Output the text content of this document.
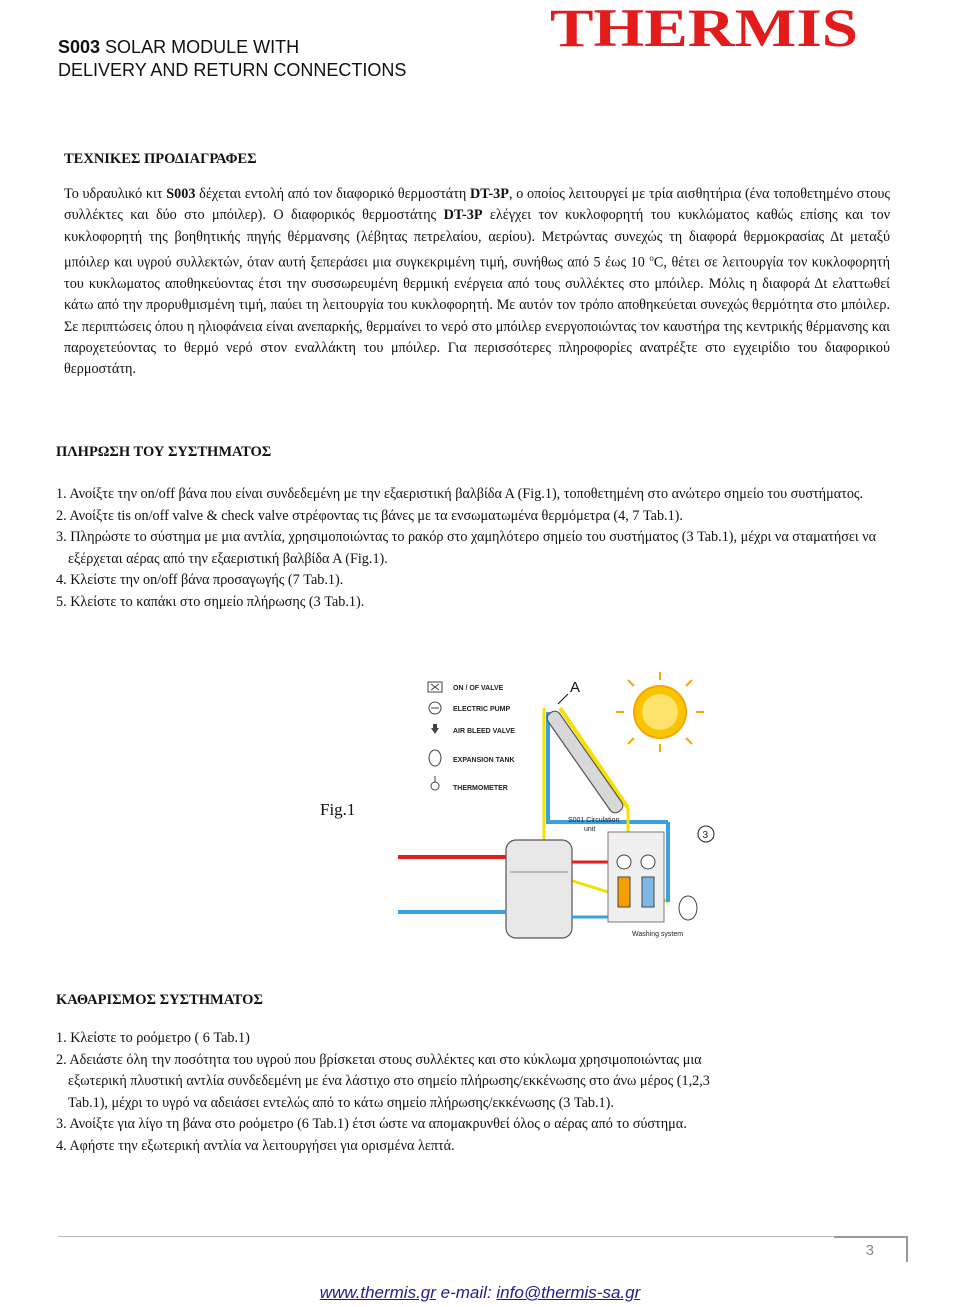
S003 SOLAR MODULE WITH
DELIVERY AND RETURN CONNECTIONS
THERMIS
ΤΕΧΝΙΚΕΣ ΠΡΟΔΙΑΓΡΑΦΕΣ

Το υδραυλικό κιτ S003 δέχεται εντολή από τον διαφορικό θερμοστάτη DT-3P, ο οποίος λειτουργεί με τρία αισθητήρια (ένα τοποθετημένο στους συλλέκτες και δύο στο μπόιλερ). Ο διαφορικός θερμοστάτης DT-3P ελέγχει τον κυκλοφορητή του κυκλώματος καθώς επίσης και τον κυκλοφορητή της βοηθητικής πηγής θέρμανσης (λέβητας πετρελαίου, αερίου). Μετρώντας συνεχώς τη διαφορά θερμοκρασίας Δt μεταξύ μπόιλερ και υγρού συλλεκτών, όταν αυτή ξεπεράσει μια συγκεκριμένη τιμή, συνήθως από 5 έως 10 $^o$C, θέτει σε λειτουργία τον κυκλοφορητή του κυκλωματος αποθηκεύοντας έτσι την συσσωρευμένη θερμική ενέργεια από τους συλλέκτες στο μπόιλερ. Μόλις η διαφορά Δt ελαττωθεί κάτω από την προρυθμισμένη τιμή, παύει τη λειτουργία του κυκλοφορητή. Με αυτόν τον τρόπο αποθηκεύεται συνεχώς θερμότητα στο μπόιλερ. Σε περιπτώσεις όπου η ηλιοφάνεια είναι ανεπαρκής, θερμαίνει το νερό στο μπόιλερ ενεργοποιώντας τον καυστήρα της κεντρικής θέρμανσης και παροχετεύοντας το θερμό νερό στον εναλλάκτη του μπόιλερ. Για περισσότερες πληροφορίες ανατρέξτε στο εγχειρίδιο του διαφορικού θερμοστάτη.

ΠΛΗΡΩΣΗ ΤΟΥ ΣΥΣΤΗΜΑΤΟΣ
1. Ανοίξτε την on/off βάνα που είναι συνδεδεμένη με την εξαεριστική βαλβίδα Α (Fig.1), τοποθετημένη στο ανώτερο σημείο του συστήματος.
2. Ανοίξτε tis on/off valve & check valve στρέφοντας τις βάνες με τα ενσωματωμένα θερμόμετρα (4, 7 Tab.1).
3. Πληρώστε το σύστημα με μια αντλία, χρησιμοποιώντας το ρακόρ στο χαμηλότερο σημείο του συστήματος (3 Tab.1), μέχρι να σταματήσει να εξέρχεται αέρας από την εξαεριστική βαλβίδα Α (Fig.1).
4. Κλείστε την on/off βάνα προσαγωγής (7 Tab.1).
5. Κλείστε το καπάκι στο σημείο πλήρωσης (3 Tab.1).
Fig.1
ON / OF VALVE
ELECTRIC PUMP
AIR BLEED VALVE
EXPANSION TANK
THERMOMETER
A
S001 Circulation
unit
3
Washing system
ΚΑΘΑΡΙΣΜΟΣ ΣΥΣΤΗΜΑΤΟΣ
1. Κλείστε το ροόμετρο ( 6 Tab.1)
2. Αδειάστε όλη την ποσότητα του υγρού που βρίσκεται στους συλλέκτες και στο κύκλωμα χρησιμοποιώντας μια εξωτερική πλυστική αντλία συνδεδεμένη με ένα λάστιχο στο σημείο πλήρωσης/εκκένωσης στο άνω μέρος (1,2,3 Tab.1), μέχρι το υγρό να αδειάσει εντελώς από το κάτω σημείο πλήρωσης/εκκένωσης (3 Tab.1).
3. Ανοίξτε για λίγο τη βάνα στο ροόμετρο (6 Tab.1) έτσι ώστε να απομακρυνθεί όλος ο αέρας από το σύστημα.
4. Αφήστε την εξωτερική αντλία να λειτουργήσει για ορισμένα λεπτά.
3
www.thermis.gr e-mail: info@thermis-sa.gr
